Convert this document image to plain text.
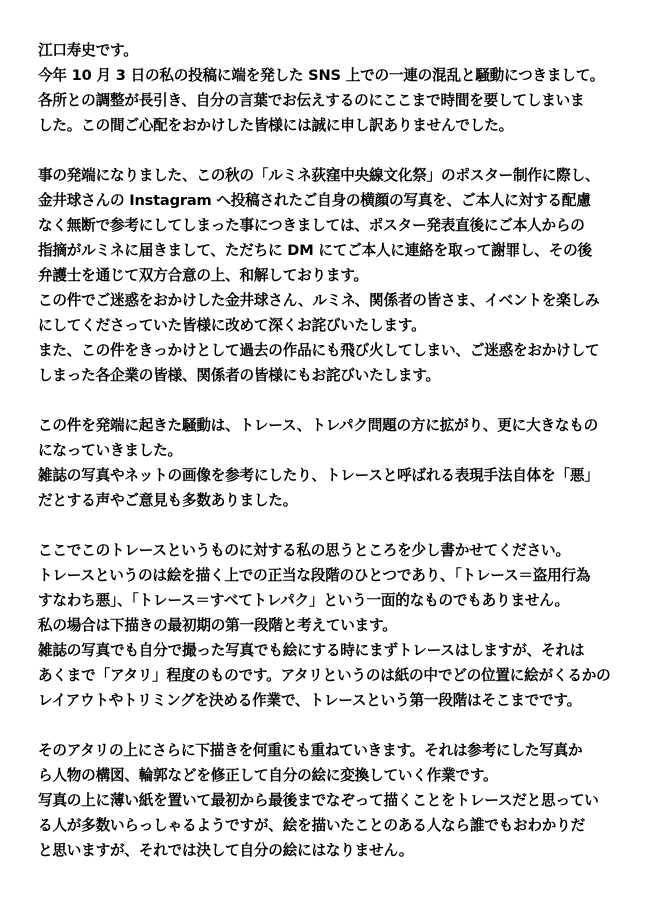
江口寿史です。
今年 10 月 3 日の私の投稿に端を発した SNS 上での一連の混乱と騒動につきまして。
各所との調整が長引き、自分の言葉でお伝えするのにここまで時間を要してしまいま
した。この間ご心配をおかけした皆様には誠に申し訳ありませんでした。
事の発端になりました、この秋の「ルミネ荻窪中央線文化祭」のポスター制作に際し、
金井球さんの Instagram へ投稿されたご自身の横顔の写真を、ご本人に対する配慮
なく無断で参考にしてしまった事につきましては、ポスター発表直後にご本人からの
指摘がルミネに届きまして、ただちに DM にてご本人に連絡を取って謝罪し、その後
弁護士を通じて双方合意の上、和解しております。
この件でご迷惑をおかけした金井球さん、ルミネ、関係者の皆さま、イベントを楽しみ
にしてくださっていた皆様に改めて深くお詫びいたします。
また、この件をきっかけとして過去の作品にも飛び火してしまい、ご迷惑をおかけして
しまった各企業の皆様、関係者の皆様にもお詫びいたします。
この件を発端に起きた騒動は、トレース、トレパク問題の方に拡がり、更に大きなもの
になっていきました。
雑誌の写真やネットの画像を参考にしたり、トレースと呼ばれる表現手法自体を「悪」
だとする声やご意見も多数ありました。
ここでこのトレースというものに対する私の思うところを少し書かせてください。
トレースというのは絵を描く上での正当な段階のひとつであり、「トレース＝盗用行為
すなわち悪」、「トレース＝すべてトレパク」という一面的なものでもありません。
私の場合は下描きの最初期の第一段階と考えています。
雑誌の写真でも自分で撮った写真でも絵にする時にまずトレースはしますが、それは
あくまで「アタリ」程度のものです。アタリというのは紙の中でどの位置に絵がくるかの
レイアウトやトリミングを決める作業で、トレースという第一段階はそこまでです。
そのアタリの上にさらに下描きを何重にも重ねていきます。それは参考にした写真か
ら人物の構図、輪郭などを修正して自分の絵に変換していく作業です。
写真の上に薄い紙を置いて最初から最後までなぞって描くことをトレースだと思ってい
る人が多数いらっしゃるようですが、絵を描いたことのある人なら誰でもおわかりだ
と思いますが、それでは決して自分の絵にはなりません。
